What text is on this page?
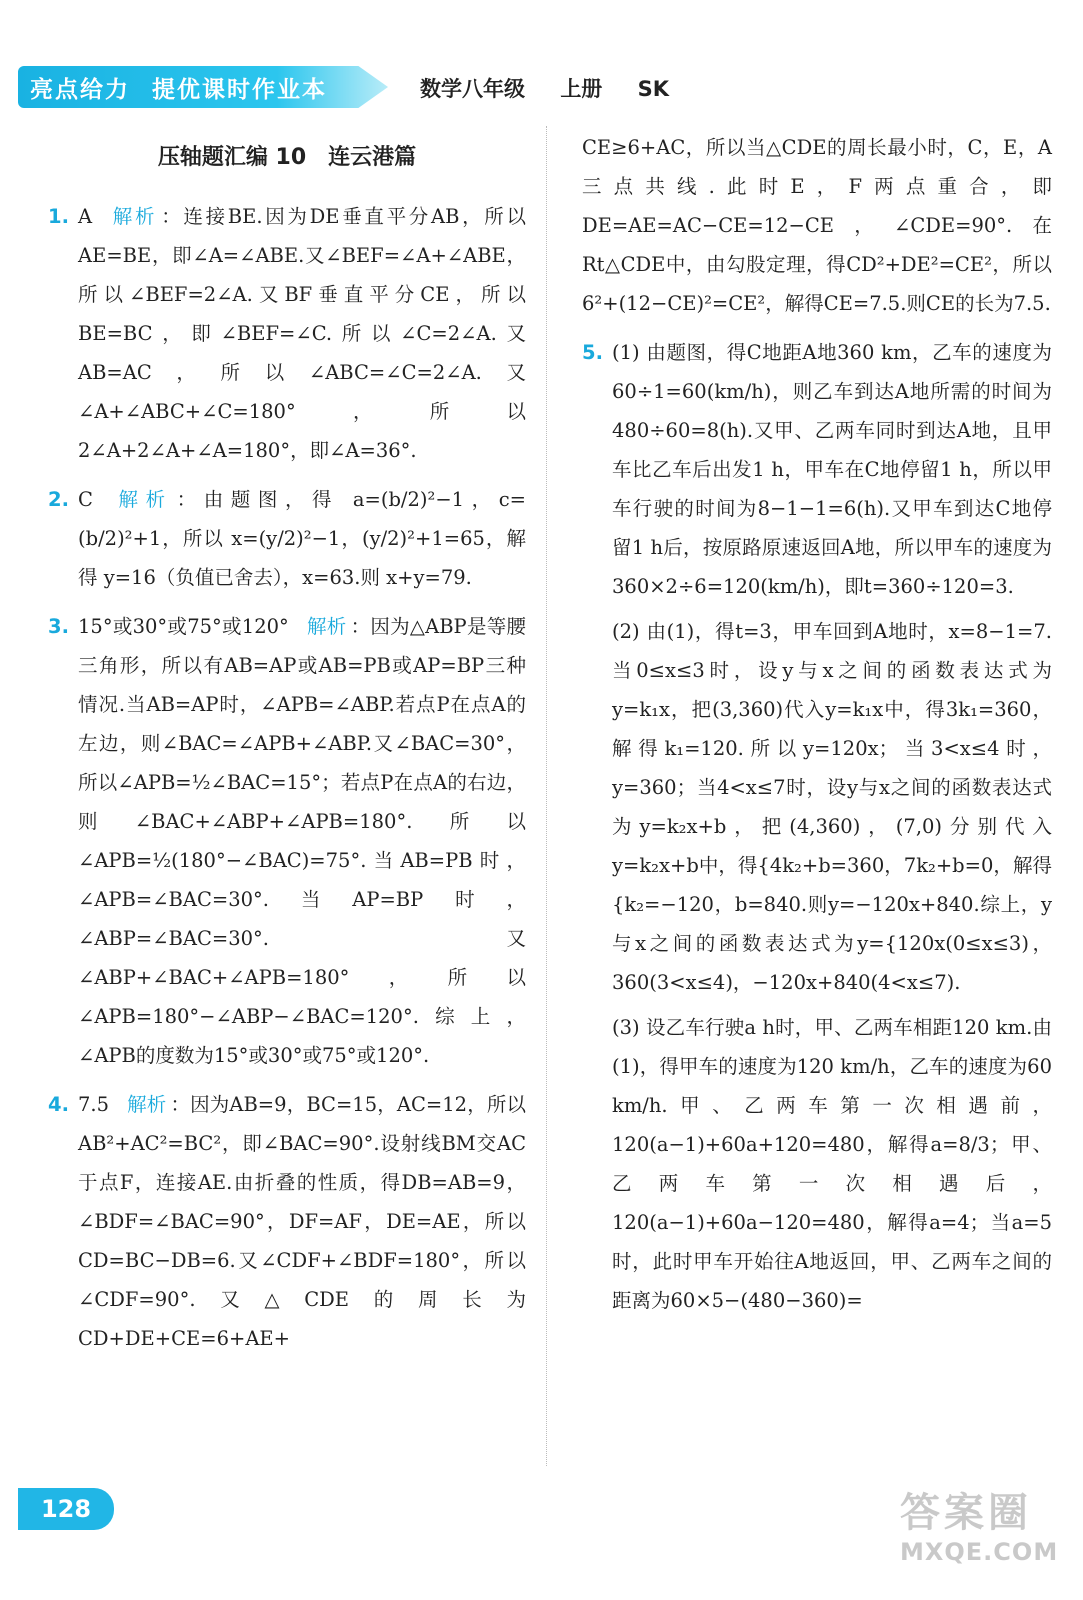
亮点给力 提优课时作业本	数学八年级 上册 SK
压轴题汇编 10　连云港篇
1. A 解析 ：连接BE.因为DE垂直平分AB，所以AE=BE，即∠A=∠ABE.又∠BEF=∠A+∠ABE，所以∠BEF=2∠A.又BF垂直平分CE，所以BE=BC，即∠BEF=∠C.所以∠C=2∠A.又AB=AC，所以∠ABC=∠C=2∠A.又∠A+∠ABC+∠C=180°，所以2∠A+2∠A+∠A=180°，即∠A=36°.
2. C 解析 ：由题图，得 a=(b/2)²−1，c=(b/2)²+1，所以 x=(y/2)²−1，(y/2)²+1=65，解得 y=16（负值已舍去），x=63.则 x+y=79.
3. 15°或30°或75°或120° 解析 ：因为△ABP是等腰三角形，所以有AB=AP或AB=PB或AP=BP三种情况.当AB=AP时，∠APB=∠ABP.若点P在点A的左边，则∠BAC=∠APB+∠ABP.又∠BAC=30°，所以∠APB=½∠BAC=15°；若点P在点A的右边，则∠BAC+∠ABP+∠APB=180°.所以∠APB=½(180°−∠BAC)=75°.当AB=PB时，∠APB=∠BAC=30°.当AP=BP时，∠ABP=∠BAC=30°.又∠ABP+∠BAC+∠APB=180°，所以∠APB=180°−∠ABP−∠BAC=120°.综上，∠APB的度数为15°或30°或75°或120°.
4. 7.5 解析 ：因为AB=9，BC=15，AC=12，所以AB²+AC²=BC²，即∠BAC=90°.设射线BM交AC于点F，连接AE.由折叠的性质，得DB=AB=9，∠BDF=∠BAC=90°，DF=AF，DE=AE，所以CD=BC−DB=6.又∠CDF+∠BDF=180°，所以∠CDF=90°.又△CDE的周长为CD+DE+CE=6+AE+
CE≥6+AC，所以当△CDE的周长最小时，C，E，A三点共线.此时E，F两点重合，即DE=AE=AC−CE=12−CE，∠CDE=90°.在Rt△CDE中，由勾股定理，得CD²+DE²=CE²，所以6²+(12−CE)²=CE²，解得CE=7.5.则CE的长为7.5.
5. (1) 由题图，得C地距A地360 km，乙车的速度为60÷1=60(km/h)，则乙车到达A地所需的时间为480÷60=8(h).又甲、乙两车同时到达A地，且甲车比乙车后出发1 h，甲车在C地停留1 h，所以甲车行驶的时间为8−1−1=6(h).又甲车到达C地停留1 h后，按原路原速返回A地，所以甲车的速度为360×2÷6=120(km/h)，即t=360÷120=3.
(2) 由(1)，得t=3，甲车回到A地时，x=8−1=7.当0≤x≤3时，设y与x之间的函数表达式为y=k₁x，把(3,360)代入y=k₁x中，得3k₁=360，解得k₁=120.所以y=120x；当3<x≤4时，y=360；当4<x≤7时，设y与x之间的函数表达式为y=k₂x+b，把(4,360)，(7,0)分别代入y=k₂x+b中，得{4k₂+b=360，7k₂+b=0，解得{k₂=−120，b=840.则y=−120x+840.综上，y与x之间的函数表达式为y={120x(0≤x≤3)，360(3<x≤4)，−120x+840(4<x≤7).
(3) 设乙车行驶a h时，甲、乙两车相距120 km.由(1)，得甲车的速度为120 km/h，乙车的速度为60 km/h.甲、乙两车第一次相遇前，120(a−1)+60a+120=480，解得a=8/3；甲、乙两车第一次相遇后，120(a−1)+60a−120=480，解得a=4；当a=5时，此时甲车开始往A地返回，甲、乙两车之间的距离为60×5−(480−360)=
128	答案圈
MXQE.COM
